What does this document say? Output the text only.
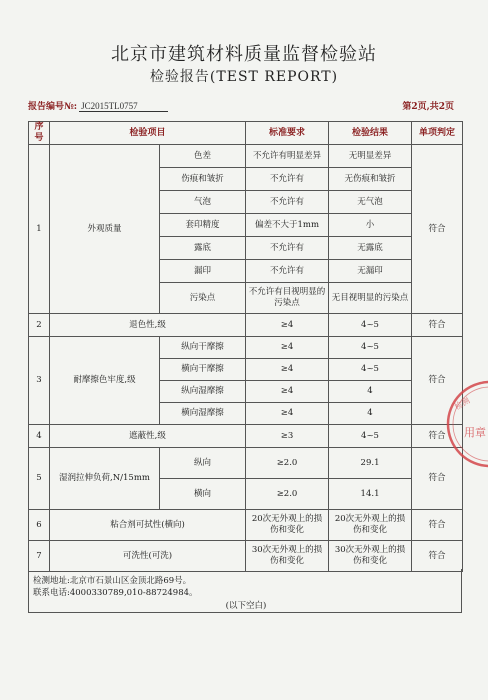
北京市建筑材料质量监督检验站
检验报告(TEST REPORT)
报告编号№: JC2015TL0757	第2页,共2页
序号	检验项目		标准要求	检验结果	单项判定
1	外观质量	色差	不允许有明显差异	无明显差异	符合
		伤痕和皱折	不允许有	无伤痕和皱折	
		气泡	不允许有	无气泡	
		套印精度	偏差不大于1mm	小	
		露底	不允许有	无露底	
		漏印	不允许有	无漏印	
		污染点	不允许有目视明显的污染点	无目视明显的污染点	
2	退色性,级		≥4	4~5	符合
3	耐摩擦色牢度,级	纵向干摩擦	≥4	4~5	符合
		横向干摩擦	≥4	4~5	
		纵向湿摩擦	≥4	4	
		横向湿摩擦	≥4	4	
4	遮蔽性,级		≥3	4~5	符合
5	湿润拉伸负荷,N/15mm	纵向	≥2.0	29.1	符合
		横向	≥2.0	14.1	
6	粘合剂可拭性(横向)		20次无外观上的损伤和变化	20次无外观上的损伤和变化	符合
7	可洗性(可洗)		30次无外观上的损伤和变化	30次无外观上的损伤和变化	符合
检测地址:北京市石景山区金顶北路69号。
联系电话:4000330789,010-88724984。
(以下空白)
用章
检测
